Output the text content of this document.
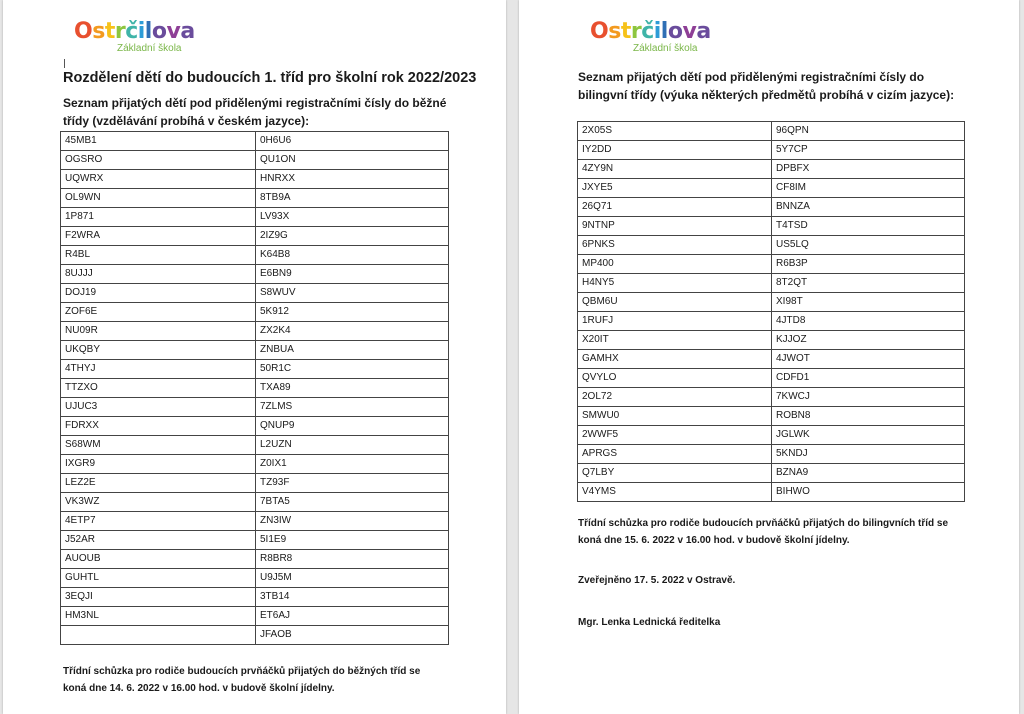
Ostrčilova
Základní škola
Rozdělení dětí do budoucích 1. tříd pro školní rok 2022/2023
Seznam přijatých dětí pod přidělenými registračními čísly do běžné
třídy (vzdělávání probíhá v českém jazyce):
45MB1	0H6U6
OGSRO	QU1ON
UQWRX	HNRXX
OL9WN	8TB9A
1P871	LV93X
F2WRA	2IZ9G
R4BL	K64B8
8UJJJ	E6BN9
DOJ19	S8WUV
ZOF6E	5K912
NU09R	ZX2K4
UKQBY	ZNBUA
4THYJ	50R1C
TTZXO	TXA89
UJUC3	7ZLMS
FDRXX	QNUP9
S68WM	L2UZN
IXGR9	Z0IX1
LEZ2E	TZ93F
VK3WZ	7BTA5
4ETP7	ZN3IW
J52AR	5I1E9
AUOUB	R8BR8
GUHTL	U9J5M
3EQJI	3TB14
HM3NL	ET6AJ
	JFAOB
Třídní schůzka pro rodiče budoucích prvňáčků přijatých do běžných tříd se
koná dne 14. 6. 2022 v 16.00 hod. v budově školní jídelny.
Ostrčilova
Základní škola
Seznam přijatých dětí pod přidělenými registračními čísly do
bilingvní třídy (výuka některých předmětů probíhá v cizím jazyce):
2X05S	96QPN
IY2DD	5Y7CP
4ZY9N	DPBFX
JXYE5	CF8IM
26Q71	BNNZA
9NTNP	T4TSD
6PNKS	US5LQ
MP400	R6B3P
H4NY5	8T2QT
QBM6U	XI98T
1RUFJ	4JTD8
X20IT	KJJOZ
GAMHX	4JWOT
QVYLO	CDFD1
2OL72	7KWCJ
SMWU0	ROBN8
2WWF5	JGLWK
APRGS	5KNDJ
Q7LBY	BZNA9
V4YMS	BIHWO
Třídní schůzka pro rodiče budoucích prvňáčků přijatých do bilingvních tříd se
koná dne 15. 6. 2022 v 16.00 hod. v budově školní jídelny.
Zveřejněno 17. 5. 2022 v Ostravě.
Mgr. Lenka Lednická ředitelka
